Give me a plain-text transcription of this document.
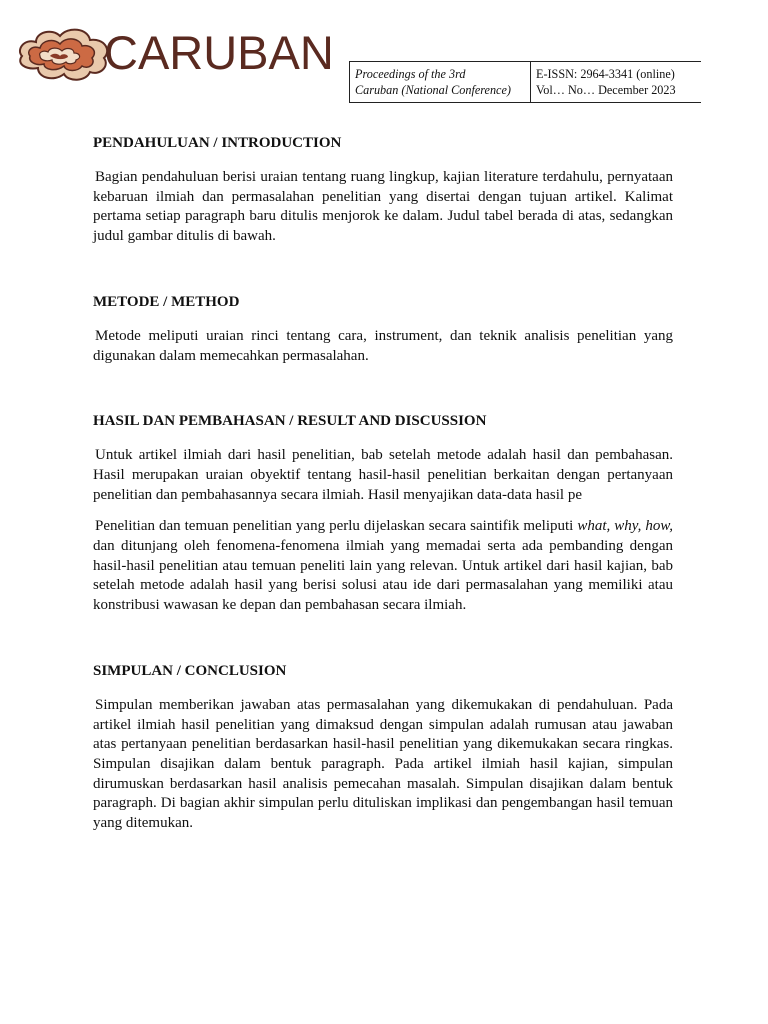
CARUBAN Proceedings of the 3rd
Caruban (National Conference)

E-ISSN: 2964-3341 (online)
Vol… No… December 2023
PENDAHULUAN / INTRODUCTION

Bagian pendahuluan berisi uraian tentang ruang lingkup, kajian literature terdahulu, pernyataan kebaruan ilmiah dan permasalahan penelitian yang disertai dengan tujuan artikel. Kalimat pertama setiap paragraph baru ditulis menjorok ke dalam. Judul tabel berada di atas, sedangkan judul gambar ditulis di bawah.

METODE / METHOD

Metode meliputi uraian rinci tentang cara, instrument, dan teknik analisis penelitian yang digunakan dalam memecahkan permasalahan.

HASIL DAN PEMBAHASAN / RESULT AND DISCUSSION

Untuk artikel ilmiah dari hasil penelitian, bab setelah metode adalah hasil dan pembahasan. Hasil merupakan uraian obyektif tentang hasil-hasil penelitian berkaitan dengan pertanyaan penelitian dan pembahasannya secara ilmiah. Hasil menyajikan data-data hasil pe

Penelitian dan temuan penelitian yang perlu dijelaskan secara saintifik meliputi what, why, how, dan ditunjang oleh fenomena-fenomena ilmiah yang memadai serta ada pembanding dengan hasil-hasil penelitian atau temuan peneliti lain yang relevan. Untuk artikel dari hasil kajian, bab setelah metode adalah hasil yang berisi solusi atau ide dari permasalahan yang memiliki atau konstribusi wawasan ke depan dan pembahasan secara ilmiah.

SIMPULAN / CONCLUSION

Simpulan memberikan jawaban atas permasalahan yang dikemukakan di pendahuluan. Pada artikel ilmiah hasil penelitian yang dimaksud dengan simpulan adalah rumusan atau jawaban atas pertanyaan penelitian berdasarkan hasil-hasil penelitian yang dikemukakan secara ringkas. Simpulan disajikan dalam bentuk paragraph. Pada artikel ilmiah hasil kajian, simpulan dirumuskan berdasarkan hasil analisis pemecahan masalah. Simpulan disajikan dalam bentuk paragraph. Di bagian akhir simpulan perlu dituliskan implikasi dan pengembangan hasil temuan yang ditemukan.
